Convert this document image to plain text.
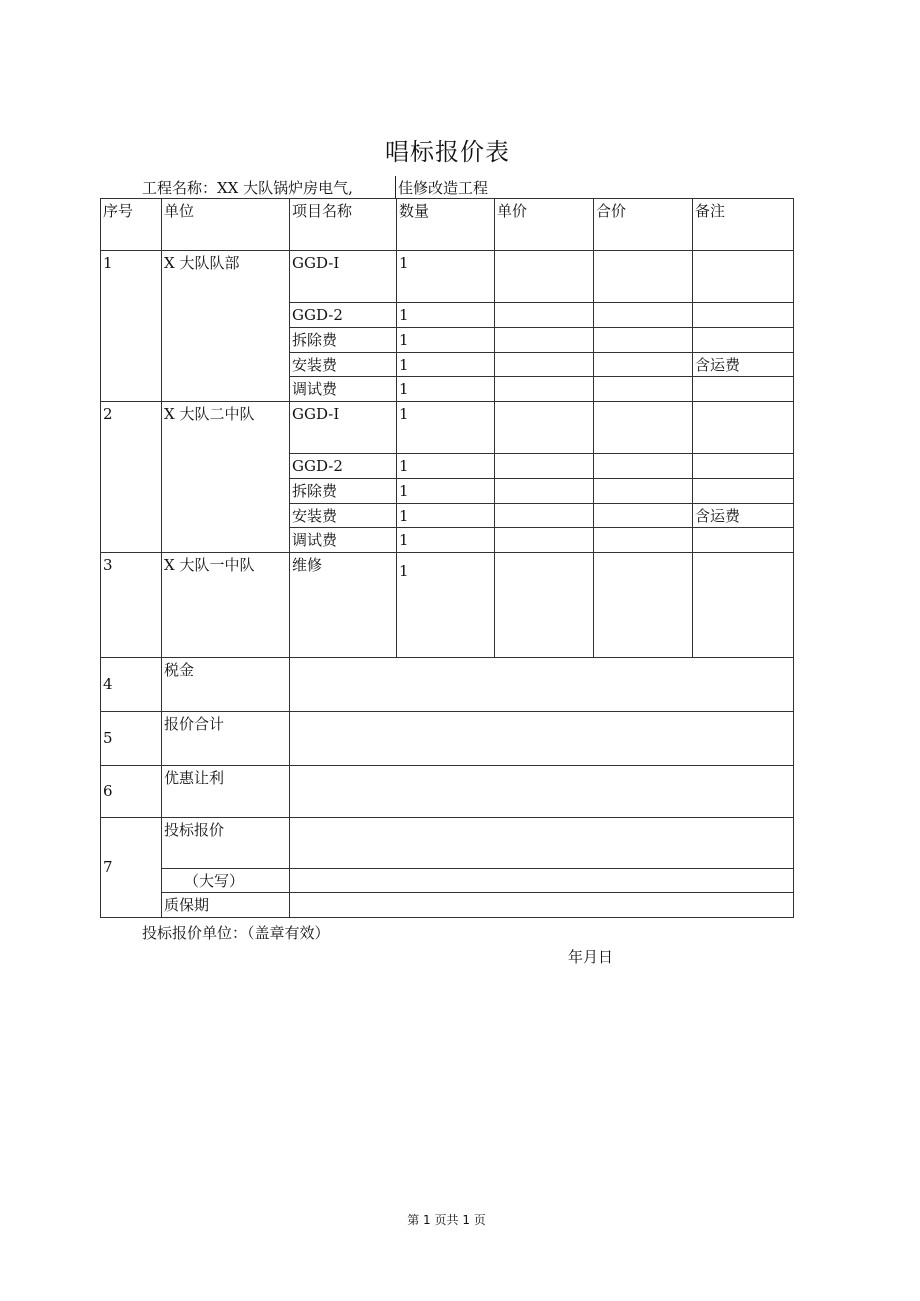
唱标报价表
工程名称：XX 大队锅炉房电气,	佳修改造工程
序号	单位	项目名称	数量	单价	合价	备注
1	X 大队队部	GGD-I	1			
		GGD-2	1			
		拆除费	1			
		安装费	1			含运费
		调试费	1			
2	X 大队二中队	GGD-I	1			
		GGD-2	1			
		拆除费	1			
		安装费	1			含运费
		调试费	1			
3	X 大队一中队	维修	1			
4	税金					
5	报价合计					
6	优惠让利					
7	投标报价					
	（大写）					
	质保期					
投标报价单位：（盖章有效）
年月日
第 1 页共 1 页
